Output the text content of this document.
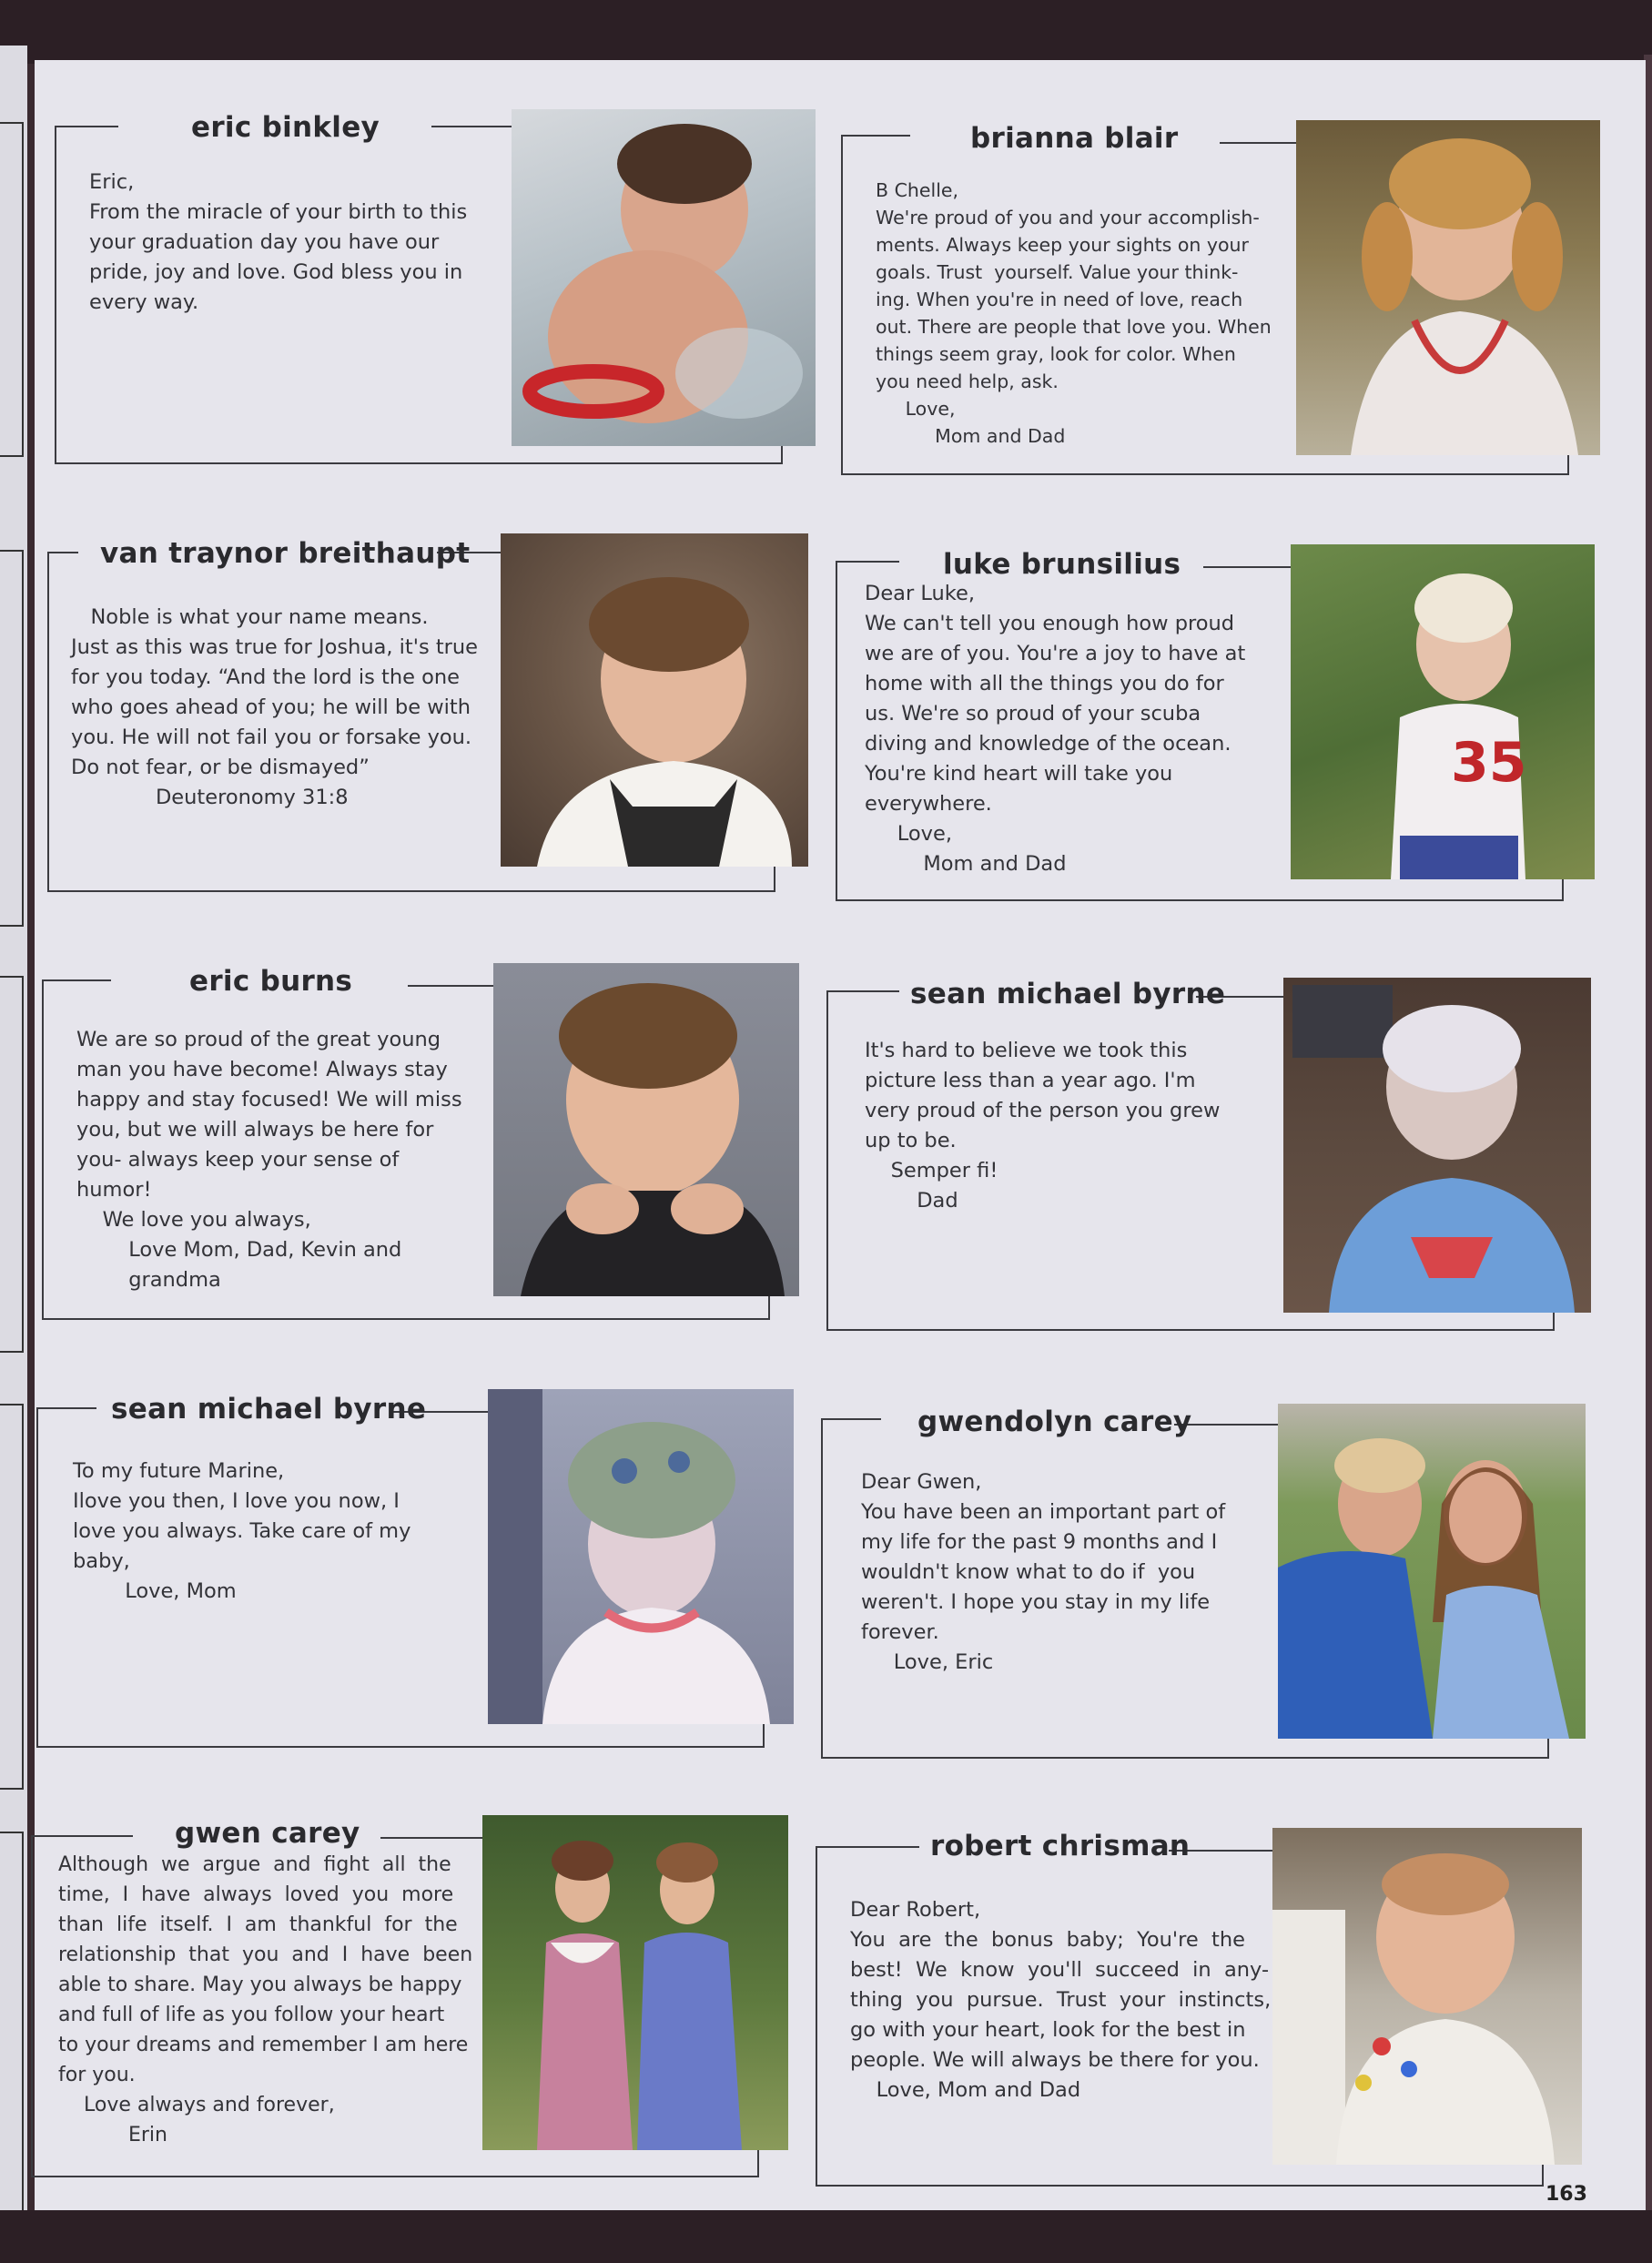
eric binkley
Eric,
From the miracle of your birth to this
your graduation day you have our
pride, joy and love. God bless you in
every way.
brianna blair
B Chelle,
We're proud of you and your accomplish-
ments. Always keep your sights on your
goals. Trust  yourself. Value your think-
ing. When you're in need of love, reach
out. There are people that love you. When
things seem gray, look for color. When
you need help, ask.
Love,
Mom and Dad
van traynor breithaupt
Noble is what your name means.
Just as this was true for Joshua, it's true
for you today. “And the lord is the one
who goes ahead of you; he will be with
you. He will not fail you or forsake you.
Do not fear, or be dismayed”
Deuteronomy 31:8
luke brunsilius
Dear Luke,
We can't tell you enough how proud
we are of you. You're a joy to have at
home with all the things you do for
us. We're so proud of your scuba
diving and knowledge of the ocean.
You're kind heart will take you
everywhere.
Love,
Mom and Dad
35
eric burns
We are so proud of the great young
man you have become! Always stay
happy and stay focused! We will miss
you, but we will always be here for
you- always keep your sense of
humor!
We love you always,
Love Mom, Dad, Kevin and
grandma
sean michael byrne
It's hard to believe we took this
picture less than a year ago. I'm
very proud of the person you grew
up to be.
Semper fi!
Dad
sean michael byrne
To my future Marine,
Ilove you then, I love you now, I
love you always. Take care of my
baby,
Love, Mom
gwendolyn carey
Dear Gwen,
You have been an important part of
my life for the past 9 months and I
wouldn't know what to do if  you
weren't. I hope you stay in my life
forever.
Love, Eric
gwen carey
Although  we  argue  and  fight  all  the
time,  I  have  always  loved  you  more
than  life  itself.  I  am  thankful  for  the
relationship  that  you  and  I  have  been
able to share. May you always be happy
and full of life as you follow your heart
to your dreams and remember I am here
for you.
Love always and forever,
Erin
robert chrisman
Dear Robert,
You  are  the  bonus  baby;  You're  the
best!  We  know  you'll  succeed  in  any-
thing  you  pursue.  Trust  your  instincts,
go with your heart, look for the best in
people. We will always be there for you.
Love, Mom and Dad
163
